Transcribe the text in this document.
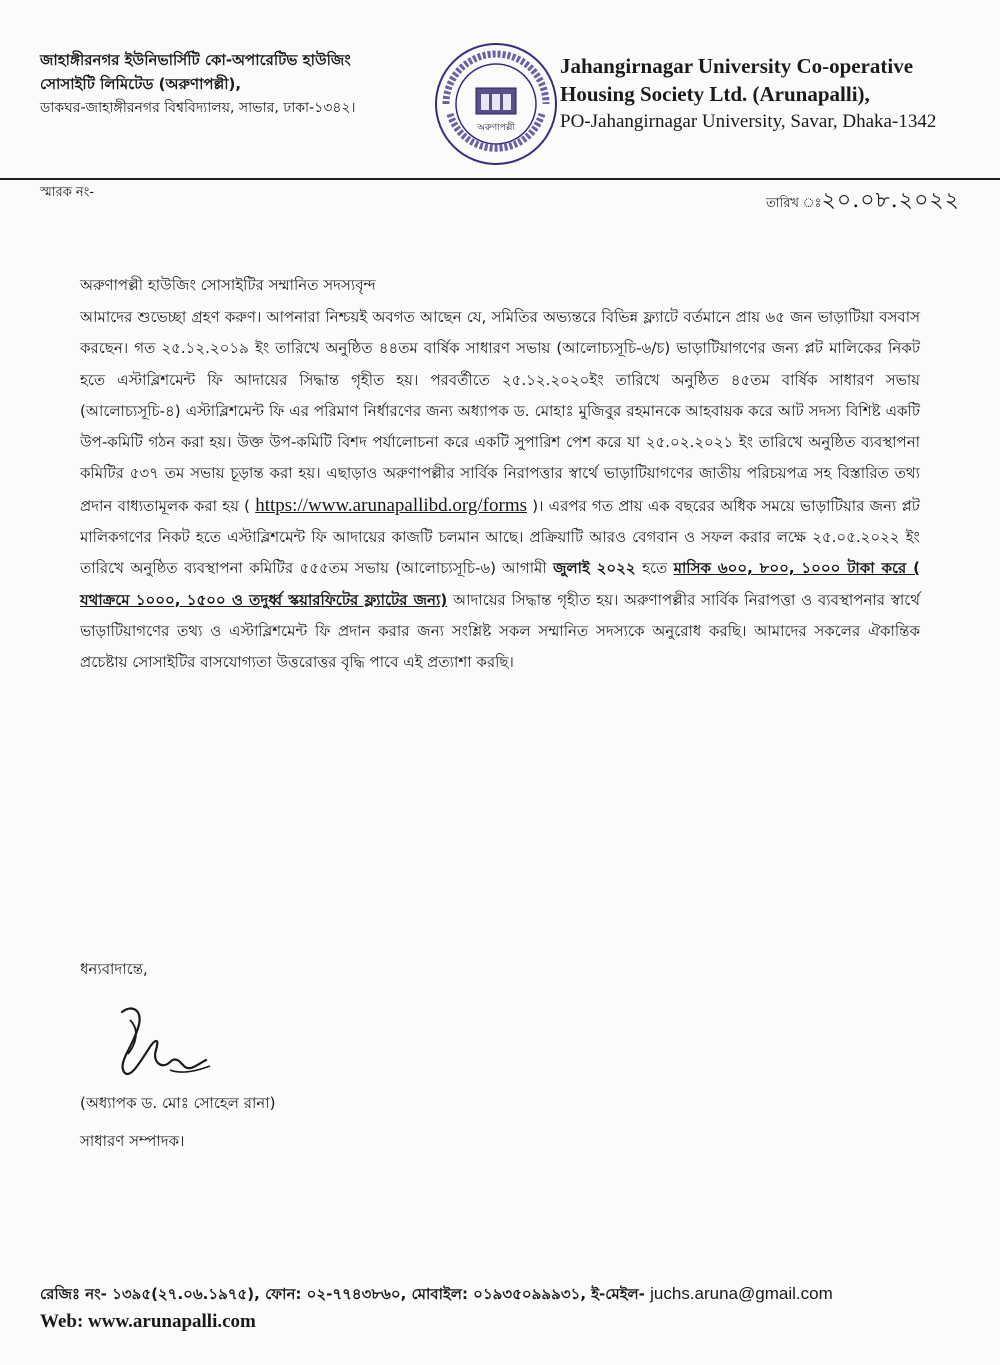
জাহাঙ্গীরনগর ইউনিভার্সিটি কো-অপারেটিভ হাউজিং
সোসাইটি লিমিটেড (অরুণাপল্লী),
ডাকঘর-জাহাঙ্গীরনগর বিশ্ববিদ্যালয়, সাভার, ঢাকা-১৩৪২।
অরুণাপল্লী
Jahangirnagar University Co-operative
Housing Society Ltd. (Arunapalli),
PO-Jahangirnagar University, Savar, Dhaka-1342
স্মারক নং-
তারিখ ঃ২০.০৮.২০২২
অরুণাপল্লী হাউজিং সোসাইটির সম্মানিত সদস্যবৃন্দ
আমাদের শুভেচ্ছা গ্রহণ করুণ। আপনারা নিশ্চয়ই অবগত আছেন যে, সমিতির অভ্যন্তরে বিভিন্ন ফ্ল্যাটে বর্তমানে প্রায় ৬৫ জন ভাড়াটিয়া বসবাস করছেন। গত ২৫.১২.২০১৯ ইং তারিখে অনুষ্ঠিত ৪৪তম বার্ষিক সাধারণ সভায় (আলোচ্যসূচি-৬/চ) ভাড়াটিয়াগণের জন্য প্লট মালিকের নিকট হতে এস্টাব্লিশমেন্ট ফি আদায়ের সিদ্ধান্ত গৃহীত হয়। পরবর্তীতে ২৫.১২.২০২০ইং তারিখে অনুষ্ঠিত ৪৫তম বার্ষিক সাধারণ সভায় (আলোচ্যসূচি-৪) এস্টাব্লিশমেন্ট ফি এর পরিমাণ নির্ধারণের জন্য অধ্যাপক ড. মোহাঃ মুজিবুর রহমানকে আহবায়ক করে আট সদস্য বিশিষ্ট একটি উপ-কমিটি গঠন করা হয়। উক্ত উপ-কমিটি বিশদ পর্যালোচনা করে একটি সুপারিশ পেশ করে যা ২৫.০২.২০২১ ইং তারিখে অনুষ্ঠিত ব্যবস্থাপনা কমিটির ৫৩৭ তম সভায় চূড়ান্ত করা হয়। এছাড়াও অরুণাপল্লীর সার্বিক নিরাপত্তার স্বার্থে ভাড়াটিয়াগণের জাতীয় পরিচয়পত্র সহ বিস্তারিত তথ্য প্রদান বাধ্যতামূলক করা হয় ( https://www.arunapallibd.org/forms )। এরপর গত প্রায় এক বছরের অধিক সময়ে ভাড়াটিয়ার জন্য প্লট মালিকগণের নিকট হতে এস্টাব্লিশমেন্ট ফি আদায়ের কাজটি চলমান আছে। প্রক্রিয়াটি আরও বেগবান ও সফল করার লক্ষে ২৫.০৫.২০২২ ইং তারিখে অনুষ্ঠিত ব্যবস্থাপনা কমিটির ৫৫৫তম সভায় (আলোচ্যসূচি-৬) আগামী জুলাই ২০২২ হতে মাসিক ৬০০, ৮০০, ১০০০ টাকা করে ( যথাক্রমে ১০০০, ১৫০০ ও তদুর্ধ্ব স্কয়ারফিটের ফ্ল্যাটের জন্য) আদায়ের সিদ্ধান্ত গৃহীত হয়। অরুণাপল্লীর সার্বিক নিরাপত্তা ও ব্যবস্থাপনার স্বার্থে ভাড়াটিয়াগণের তথ্য ও এস্টাব্লিশমেন্ট ফি প্রদান করার জন্য সংশ্লিষ্ট সকল সম্মানিত সদস্যকে অনুরোধ করছি। আমাদের সকলের ঐকান্তিক প্রচেষ্টায় সোসাইটির বাসযোগ্যতা উত্তরোত্তর বৃদ্ধি পাবে এই প্রত্যাশা করছি।
ধন্যবাদান্তে,
(অধ্যাপক ড. মোঃ সোহেল রানা)
সাধারণ সম্পাদক।
রেজিঃ নং- ১৩৯৫(২৭.০৬.১৯৭৫), ফোন: ০২-৭৭৪৩৮৬০, মোবাইল: ০১৯৩৫০৯৯৯৩১, ই-মেইল- juchs.aruna@gmail.com
Web: www.arunapalli.com
